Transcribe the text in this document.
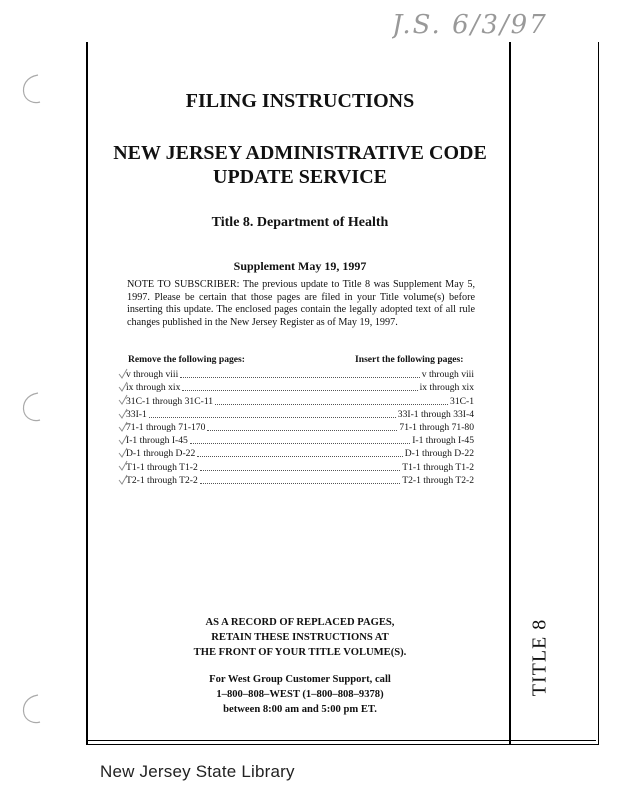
J.S. 6/3/97
TITLE 8
FILING INSTRUCTIONS
NEW JERSEY ADMINISTRATIVE CODE
UPDATE SERVICE

Title 8. Department of Health

Supplement May 19, 1997

NOTE TO SUBSCRIBER: The previous update to Title 8 was Supplement May 5, 1997. Please be certain that those pages are filed in your Title volume(s) before inserting this update. The enclosed pages contain the legally adopted text of all rule changes published in the New Jersey Register as of May 19, 1997.

Remove the following pages:	Insert the following pages:
v through viii	v through viii
ix through xix	ix through xix
31C-1 through 31C-11	31C-1
33I-1	33I-1 through 33I-4
71-1 through 71-170	71-1 through 71-80
I-1 through I-45	I-1 through I-45
D-1 through D-22	D-1 through D-22
T1-1 through T1-2	T1-1 through T1-2
T2-1 through T2-2	T2-1 through T2-2
AS A RECORD OF REPLACED PAGES,
RETAIN THESE INSTRUCTIONS AT
THE FRONT OF YOUR TITLE VOLUME(S).
For West Group Customer Support, call
1–800–808–WEST (1–800–808–9378)
between 8:00 am and 5:00 pm ET.
New Jersey State Library
